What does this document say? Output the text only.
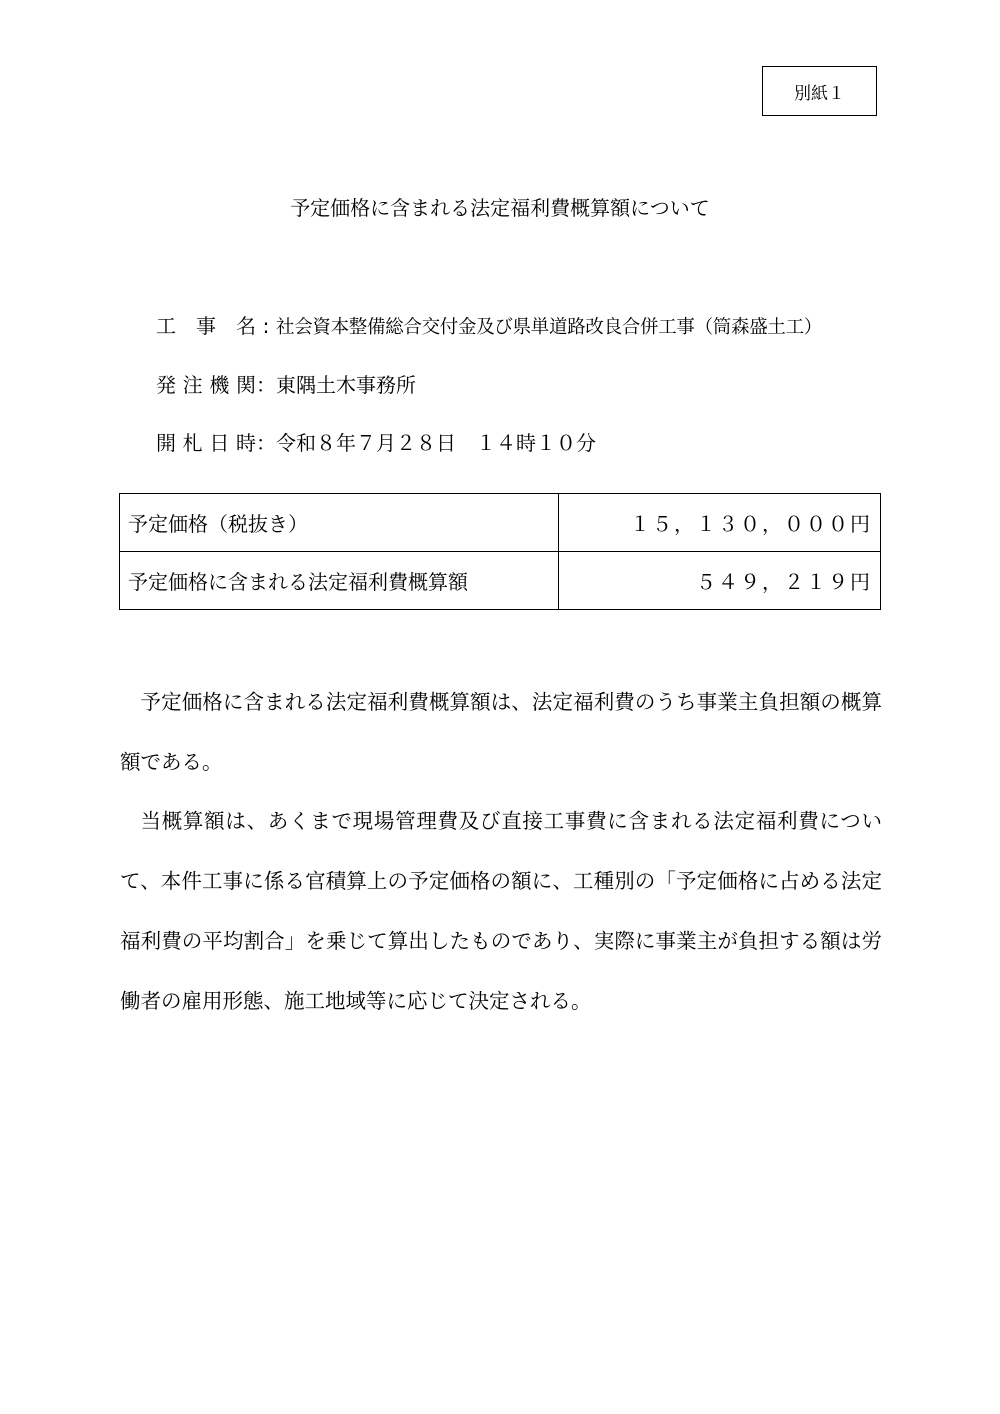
別紙１
予定価格に含まれる法定福利費概算額について
工事名 : 社会資本整備総合交付金及び県単道路改良合併工事（筒森盛土工）
発注機関：東隅土木事務所
開札日時：令和８年７月２８日　１４時１０分
予定価格（税抜き）	１５，１３０，０００円
予定価格に含まれる法定福利費概算額	５４９，２１９円

予定価格に含まれる法定福利費概算額は、法定福利費のうち事業主負担額の概算額である。

当概算額は、あくまで現場管理費及び直接工事費に含まれる法定福利費について、本件工事に係る官積算上の予定価格の額に、工種別の「予定価格に占める法定福利費の平均割合」を乗じて算出したものであり、実際に事業主が負担する額は労働者の雇用形態、施工地域等に応じて決定される。
